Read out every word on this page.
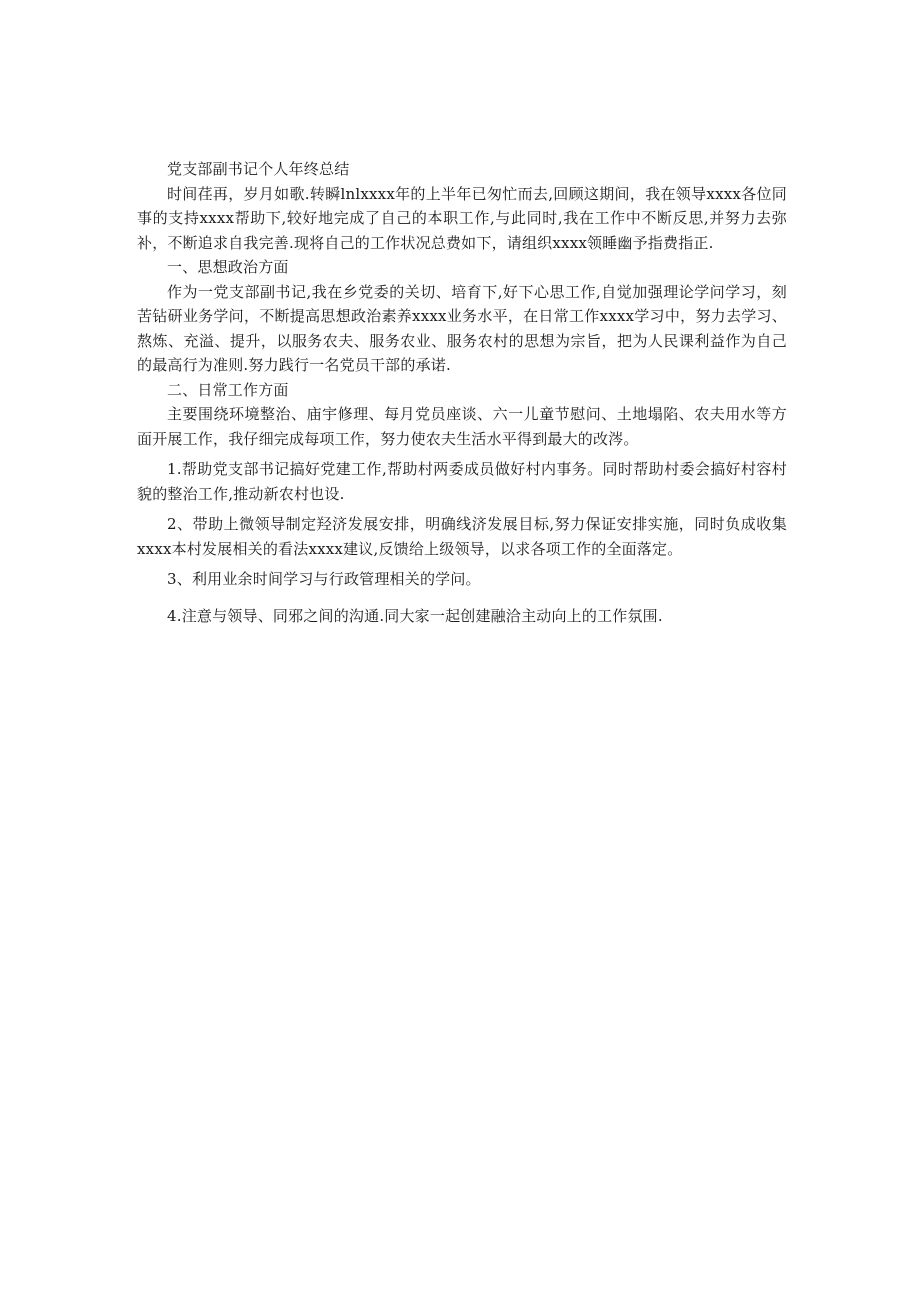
党支部副书记个人年终总结

时间荏再，岁月如歌.转瞬lnlxxxx年的上半年已匆忙而去,回顾这期间，我在领导xxxx各位同事的支持xxxx帮助下,较好地完成了自己的本职工作,与此同时,我在工作中不断反思,并努力去弥补，不断追求自我完善.现将自己的工作状况总费如下，请组织xxxx领睡幽予指费指正.

一、思想政治方面

作为一党支部副书记,我在乡党委的关切、培育下,好下心思工作,自觉加强理论学问学习，刻苦钻研业务学问，不断提高思想政治素养xxxx业务水平，在日常工作xxxx学习中，努力去学习、熬炼、充溢、提升，以服务农夫、服务农业、服务农村的思想为宗旨，把为人民课利益作为自己的最高行为准则.努力践行一名党员干部的承诺.

二、日常工作方面

主要围绕环境整治、庙宇修理、每月党员座谈、六一儿童节慰问、土地塌陷、农夫用水等方面开展工作，我仔细完成每项工作，努力使农夫生活水平得到最大的改涔。

1.帮助党支部书记搞好党建工作,帮助村两委成员做好村内事务。同时帮助村委会搞好村容村貌的整治工作,推动新农村也设.

2、带助上微领导制定羟济发展安排，明确线济发展目标,努力保证安排实施，同时负成收集xxxx本村发展相关的看法xxxx建议,反馈给上级领导，以求各项工作的全面落定。

3、利用业余时间学习与行政管理相关的学问。

4.注意与领导、同邪之间的沟通.同大家一起创建融洽主动向上的工作氛围.
